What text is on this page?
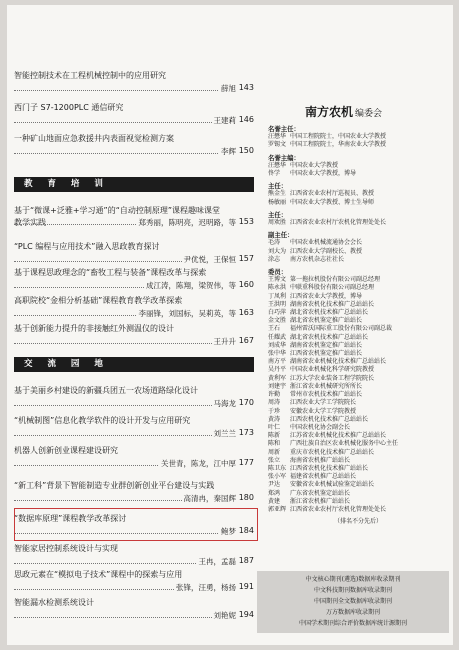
智能控制技术在工程机械控制中的应用研究
薛旭 143
西门子 S7-1200PLC 通信研究
王建莉 146
一种矿山地面应急救援井内表面视觉检测方案
李辉 150
教 育 培 训
基于“微课+泛雅+学习通”的“自动控制原理”课程趣味课堂
教学实践	郑秀丽，陈明亮，迟明路，等 153
“PLC 编程与应用技术”融入思政教育探讨
尹优悦，王保恒 157
基于课程思政理念的“畜牧工程与装备”课程改革与探索
成江涛，陈翔，梁贺伟，等 160
高职院校“金相分析基础”课程教育教学改革探索
李丽锋，刘国标，吴莉英，等 163
基于创新能力提升的非接触红外测温仪的设计
王升升 167
交 流 园 地
基于美丽乡村建设的新疆兵团五一农场道路绿化设计
马海龙 170
“机械制图”信息化教学软件的设计开发与应用研究
刘兰兰 173
机器人创新创业课程建设研究
关世青，陈龙，江中厚 177
“新工科”背景下智能制造专业群创新创业平台建设与实践
高清冉，秦国辉 180
“数据库原理”课程教学改革探讨
鲍梦 184
智能家居控制系统设计与实现
王冉，孟磊 187
思政元素在“模拟电子技术”课程中的探索与应用
张锋，汪勇，杨扬 191
智能漏水检测系统设计
刘艳妮 194
南方农机 编委会
名誉主任：
汪懋华 中国工程院院士，中国农业大学教授
罗锡文 中国工程院院士，华南农业大学教授
名誉主编：
汪懋华 中国农业大学教授
佟学 中国农业大学教授，博导
主任：
熊金生 江西省农业农村厅巡视员、教授
杨敏丽 中国农业大学教授、博士生导师
主任：
周欢胜 江西省农业农村厅农机化管理处处长
副主任：
毛涛 中国农业机械流通协会会长
刘大为 江西农业大学副校长、教授
涂志 南方农机杂志社社长
委员：
王博文 第一拖拉机股份有限公司副总经理
陈永洪 中联重科股份有限公司副总经理
丁凤利 江西省农业大学教授，博导
王洪明 湖南省农机化技术推广总站站长
白巧萍 湖北省农机技术推广总站站长
金文胜 湖北省农机鉴定推广站站长
王石 福州雷沃国际重工股份有限公司副总裁
任耀武 湖北省农机技术推广总站站长
刘成华 湖南省农机鉴定推广站站长
张中华 江西省农机鉴定推广站站长
南方平 湖南省农业机械化技术推广总站站长
吴丹平 中国农业机械化科学研究院教授
黄利军 江苏大学农业装备工程学院院长
刘建宇 浙江省农业机械研究所所长
许勤 常州市农机技术推广站站长
周涛 江西农业大学工学院院长
于珍 安徽农业大学工学院教授
黄涛 江西农机化技术推广总站站长
叶仁 中国农机化协会副会长
陈新 江苏省农业机械化技术推广总站站长
陈和 广西壮族自治区农业机械化服务中心主任
周新 重庆市农机化技术推广总站站长
张立 海南省农机推广站站长
陈卫东 江西省农机化技术推广站站长
张小军 福建省农机推广总站站长
尹达 安徽省农业机械试验鉴定站站长
郑鸿 广东省农机鉴定站站长
黄建 浙江省农机推广站站长
郭亚辉 江西省农业农村厅农机化管理处处长
（排名不分先后）
中文核心期刊(遴选)数据库收录期刊
中文科技期刊数据库收录期刊
中国期刊全文数据库收录期刊
万方数据库收录期刊
中国学术期刊综合评价数据库统计源期刊
